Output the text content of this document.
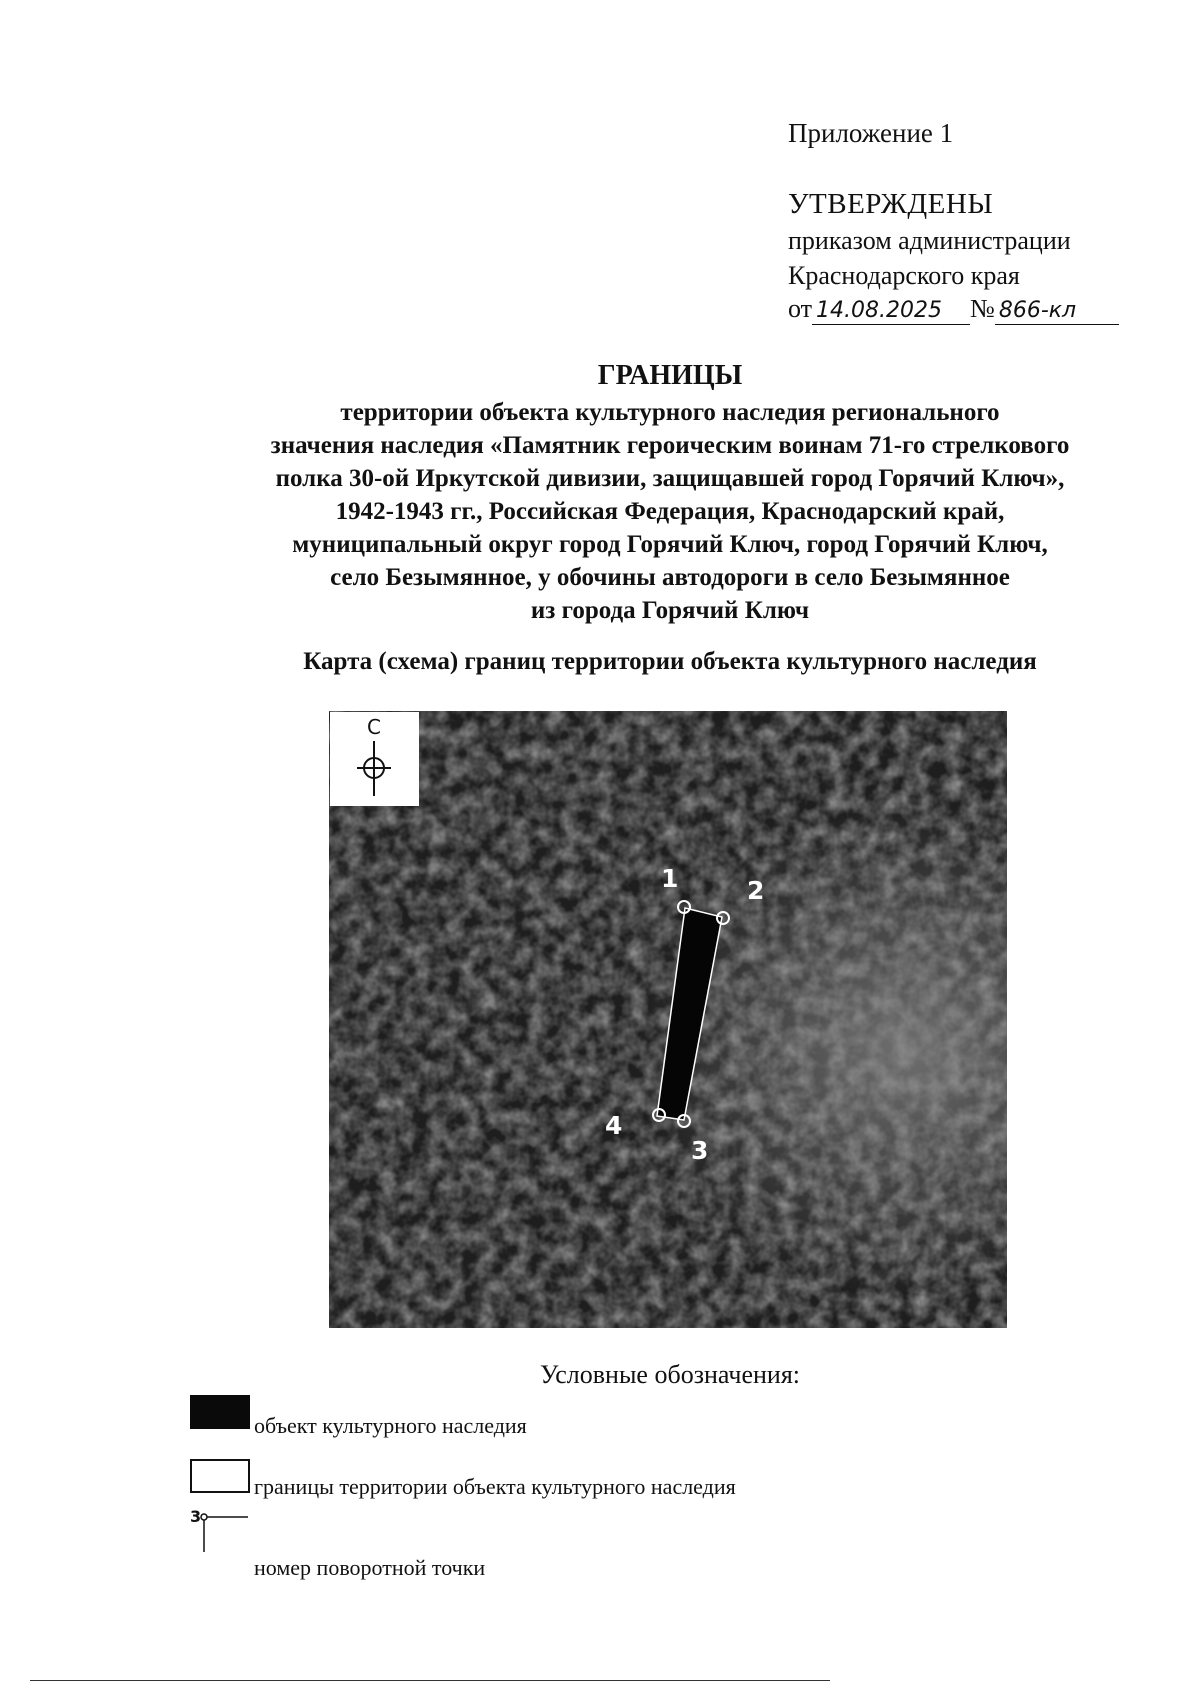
Приложение 1
УТВЕРЖДЕНЫ
приказом администрации
Краснодарского края
от 14.08.2025 № 866-кл
ГРАНИЦЫ
территории объекта культурного наследия регионального
значения наследия «Памятник героическим воинам 71-го стрелкового
полка 30-ой Иркутской дивизии, защищавшей город Горячий Ключ»,
1942-1943 гг., Российская Федерация, Краснодарский край,
муниципальный округ город Горячий Ключ, город Горячий Ключ,
село Безымянное, у обочины автодороги в село Безымянное
из города Горячий Ключ
Карта (схема) границ территории объекта культурного наследия
С
1	2
3
4
Условные обозначения:
объект культурного наследия
границы территории объекта культурного наследия
3
номер поворотной точки
